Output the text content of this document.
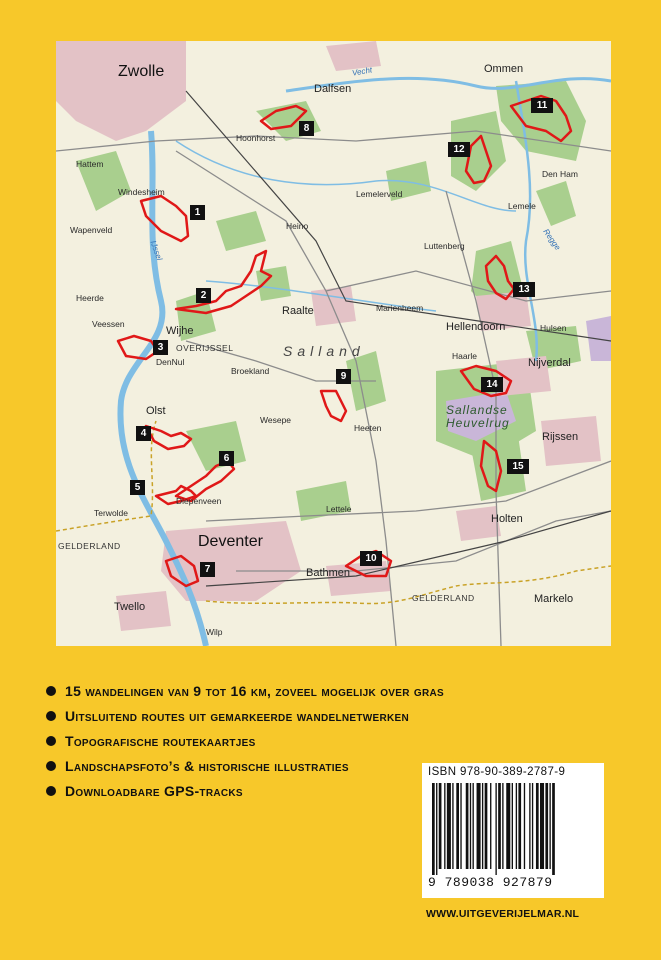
Zwolle
Deventer
Raalte
Ommen
Dalfsen
Hoonhorst
Hattem
Windesheim
Wapenveld	Heino
Lemelerveld
Lemele
Den Ham
Luttenberg
Heerde
Veessen
Wijhe
Marienheem
Hellendoorn	Hulsen
DenNul
Broekland
Haarle
Nijverdal
Olst
Wesepe
Heeten
Rijssen
Diepenveen
Terwolde	Lettele
Holten
Bathmen
Twello
Markelo
Wilp
OVERIJSSEL
GELDERLAND
GELDERLAND
Salland
Sallandse
Heuvelrug
Vecht
IJssel	Regge
1
2
3
4
5
6
7
8
9
10
11
12
13
14
15
15 wandelingen van 9 tot 16 km, zoveel mogelijk over gras
Uitsluitend routes uit gemarkeerde wandelnetwerken
Topografische routekaartjes
Landschapsfoto’s & historische illustraties
Downloadbare GPS-tracks
ISBN 978-90-389-2787-9
9 789038 927879
WWW.UITGEVERIJELMAR.NL
